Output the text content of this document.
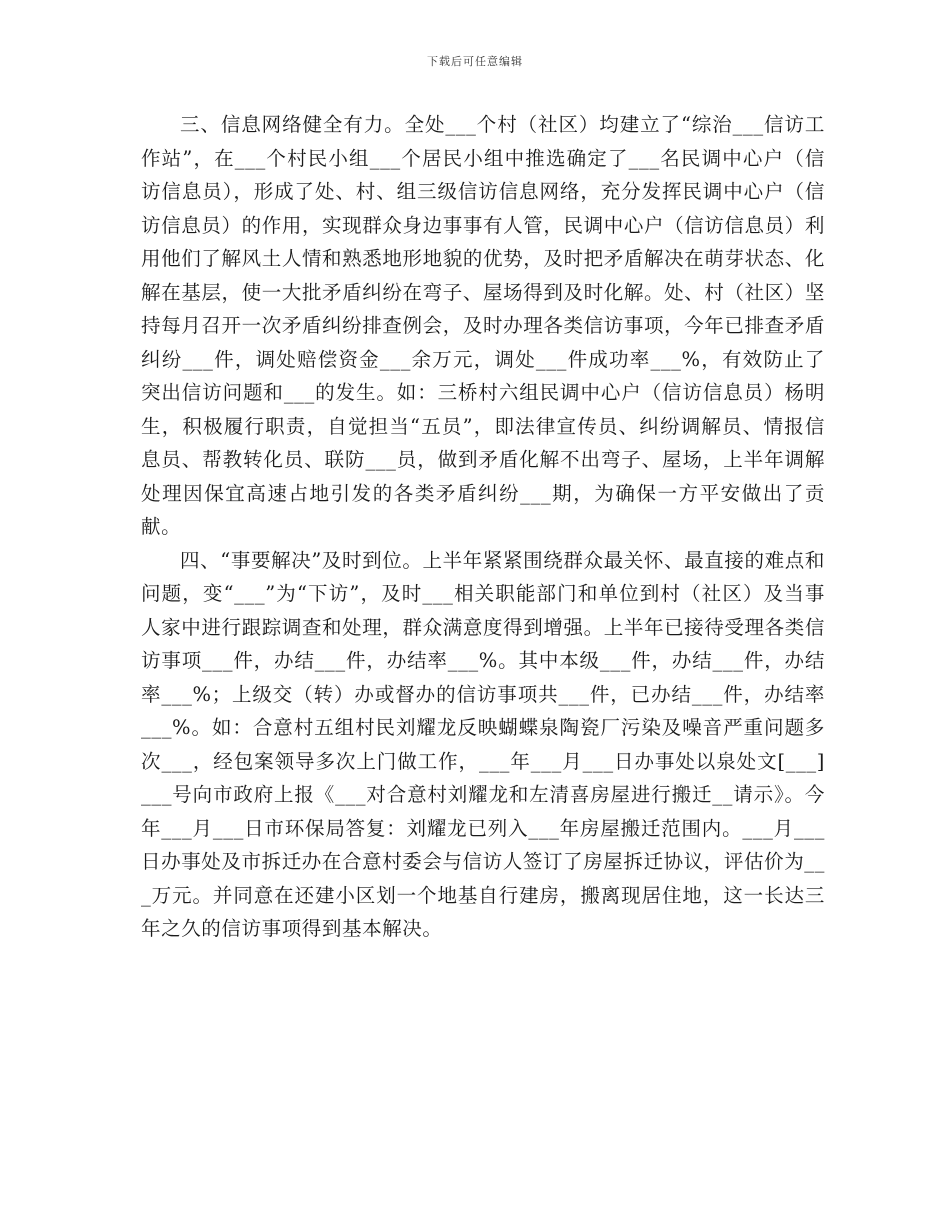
下载后可任意编辑

三、信息网络健全有力。全处___个村（社区）均建立了“综治___信访工作站”，在___个村民小组___个居民小组中推选确定了___名民调中心户（信访信息员），形成了处、村、组三级信访信息网络，充分发挥民调中心户（信访信息员）的作用，实现群众身边事事有人管，民调中心户（信访信息员）利用他们了解风土人情和熟悉地形地貌的优势，及时把矛盾解决在萌芽状态、化解在基层，使一大批矛盾纠纷在弯子、屋场得到及时化解。处、村（社区）坚持每月召开一次矛盾纠纷排查例会，及时办理各类信访事项，今年已排查矛盾纠纷___件，调处赔偿资金___余万元，调处___件成功率___%，有效防止了突出信访问题和___的发生。如：三桥村六组民调中心户（信访信息员）杨明生，积极履行职责，自觉担当“五员”，即法律宣传员、纠纷调解员、情报信息员、帮教转化员、联防___员，做到矛盾化解不出弯子、屋场，上半年调解处理因保宜高速占地引发的各类矛盾纠纷___期，为确保一方平安做出了贡献。

四、“事要解决”及时到位。上半年紧紧围绕群众最关怀、最直接的难点和问题，变“___”为“下访”，及时___相关职能部门和单位到村（社区）及当事人家中进行跟踪调查和处理，群众满意度得到增强。上半年已接待受理各类信访事项___件，办结___件，办结率___%。其中本级___件，办结___件，办结率___%；上级交（转）办或督办的信访事项共___件，已办结___件，办结率___%。如：合意村五组村民刘耀龙反映蝴蝶泉陶瓷厂污染及噪音严重问题多次___，经包案领导多次上门做工作，___年___月___日办事处以泉处文[___]___号向市政府上报《___对合意村刘耀龙和左清喜房屋进行搬迁__请示》。今年___月___日市环保局答复：刘耀龙已列入___年房屋搬迁范围内。___月___日办事处及市拆迁办在合意村委会与信访人签订了房屋拆迁协议，评估价为___万元。并同意在还建小区划一个地基自行建房，搬离现居住地，这一长达三年之久的信访事项得到基本解决。
